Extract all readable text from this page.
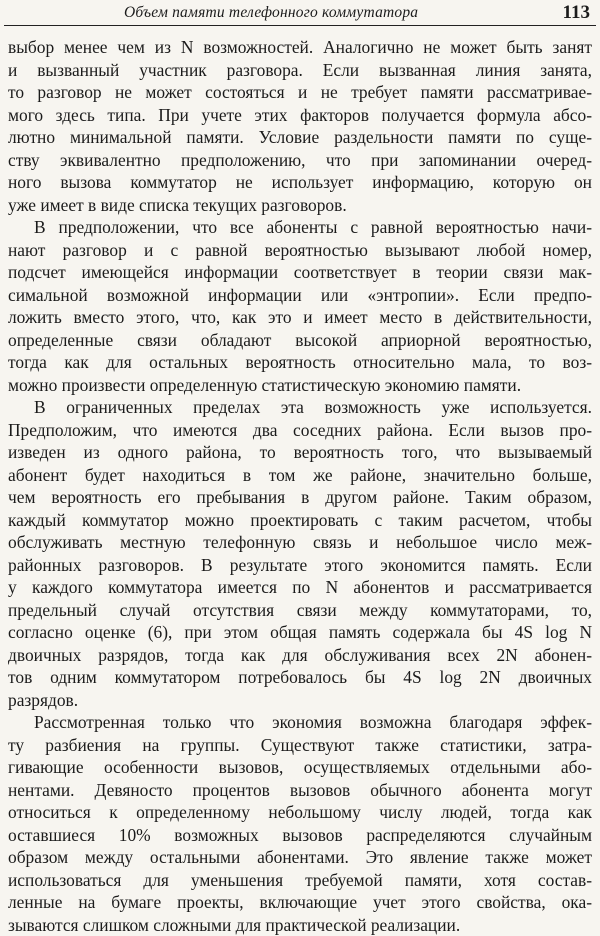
Объем памяти телефонного коммутатора	113
выбор менее чем из N возможностей. Аналогично не может быть занят
и вызванный участник разговора. Если вызванная линия занята,
то разговор не может состояться и не требует памяти рассматривае-
мого здесь типа. При учете этих факторов получается формула абсо-
лютно минимальной памяти. Условие раздельности памяти по суще-
ству эквивалентно предположению, что при запоминании очеред-
ного вызова коммутатор не использует информацию, которую он
уже имеет в виде списка текущих разговоров.
В предположении, что все абоненты с равной вероятностью начи-
нают разговор и с равной вероятностью вызывают любой номер,
подсчет имеющейся информации соответствует в теории связи мак-
симальной возможной информации или «энтропии». Если предпо-
ложить вместо этого, что, как это и имеет место в действительности,
определенные связи обладают высокой априорной вероятностью,
тогда как для остальных вероятность относительно мала, то воз-
можно произвести определенную статистическую экономию памяти.
В ограниченных пределах эта возможность уже используется.
Предположим, что имеются два соседних района. Если вызов про-
изведен из одного района, то вероятность того, что вызываемый
абонент будет находиться в том же районе, значительно больше,
чем вероятность его пребывания в другом районе. Таким образом,
каждый коммутатор можно проектировать с таким расчетом, чтобы
обслуживать местную телефонную связь и небольшое число меж-
районных разговоров. В результате этого экономится память. Если
у каждого коммутатора имеется по N абонентов и рассматривается
предельный случай отсутствия связи между коммутаторами, то,
согласно оценке (6), при этом общая память содержала бы 4S log N
двоичных разрядов, тогда как для обслуживания всех 2N абонен-
тов одним коммутатором потребовалось бы 4S log 2N двоичных
разрядов.
Рассмотренная только что экономия возможна благодаря эффек-
ту разбиения на группы. Существуют также статистики, затра-
гивающие особенности вызовов, осуществляемых отдельными або-
нентами. Девяносто процентов вызовов обычного абонента могут
относиться к определенному небольшому числу людей, тогда как
оставшиеся 10% возможных вызовов распределяются случайным
образом между остальными абонентами. Это явление также может
использоваться для уменьшения требуемой памяти, хотя состав-
ленные на бумаге проекты, включающие учет этого свойства, ока-
зываются слишком сложными для практической реализации.
